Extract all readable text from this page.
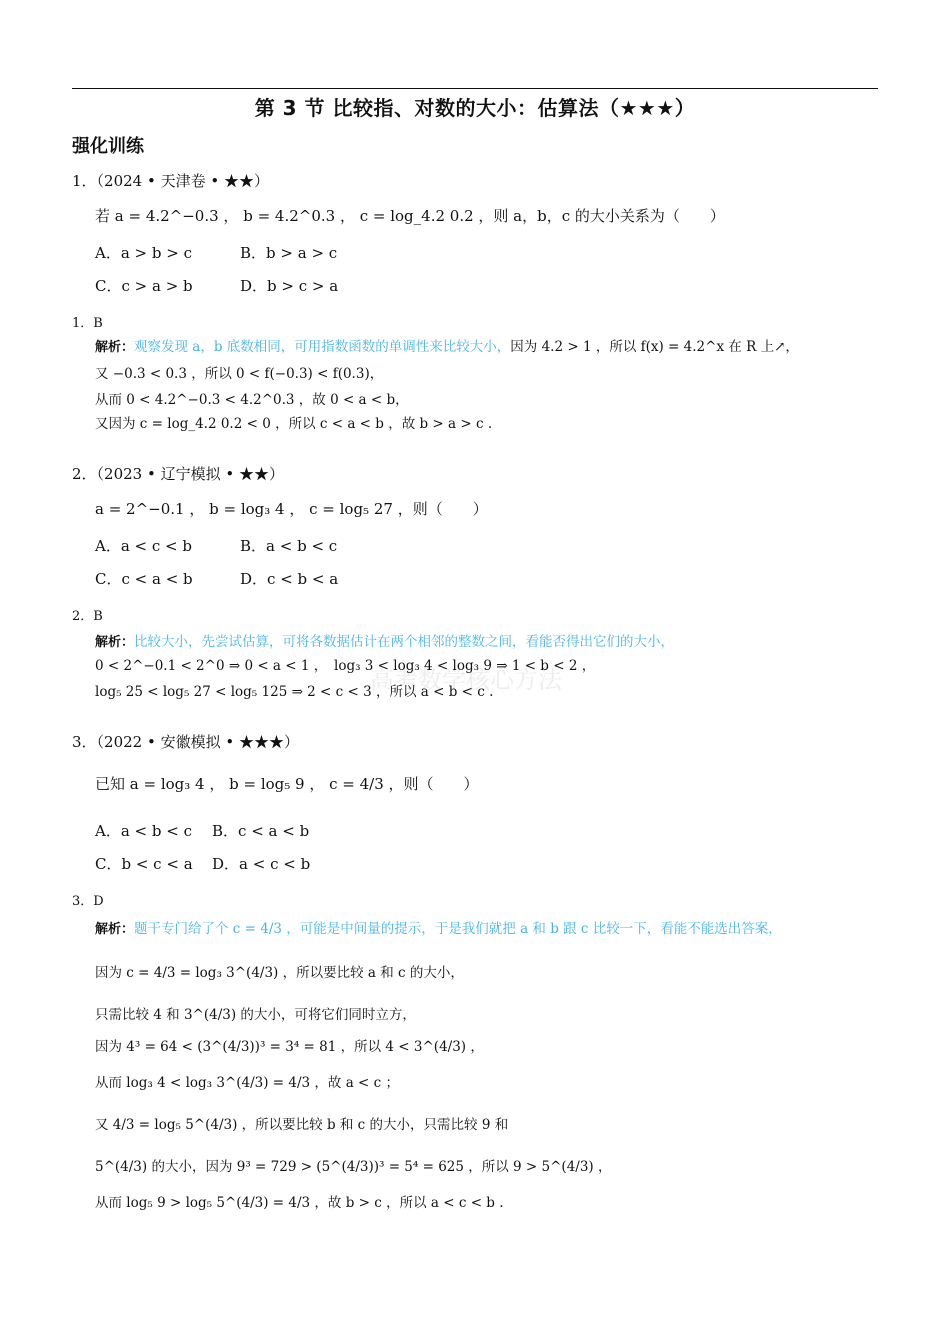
第 3 节 比较指、对数的大小：估算法（★★★）
强化训练
高考数学核心方法
1．（2024 • 天津卷 • ★★）
若 a = 4.2^−0.3 ， b = 4.2^0.3 ， c = log_4.2 0.2 ，则 a，b，c 的大小关系为（　　）
A．a > b > c	B．b > a > c
C．c > a > b	D．b > c > a
1．B
解析：观察发现 a，b 底数相同，可用指数函数的单调性来比较大小，因为 4.2 > 1 ，所以 f(x) = 4.2^x 在 R 上↗，
又 −0.3 < 0.3 ，所以 0 < f(−0.3) < f(0.3)，
从而 0 < 4.2^−0.3 < 4.2^0.3 ，故 0 < a < b，
又因为 c = log_4.2 0.2 < 0 ，所以 c < a < b ，故 b > a > c .
2．（2023 • 辽宁模拟 • ★★）
a = 2^−0.1 ， b = log₃ 4 ， c = log₅ 27 ，则（　　）
A．a < c < b	B．a < b < c
C．c < a < b	D．c < b < a
2．B
解析：比较大小，先尝试估算，可将各数据估计在两个相邻的整数之间，看能否得出它们的大小，
0 < 2^−0.1 < 2^0 ⇒ 0 < a < 1 ，　log₃ 3 < log₃ 4 < log₃ 9 ⇒ 1 < b < 2 ，
log₅ 25 < log₅ 27 < log₅ 125 ⇒ 2 < c < 3 ，所以 a < b < c .
3．（2022 • 安徽模拟 • ★★★）
已知 a = log₃ 4 ， b = log₅ 9 ， c = 4/3 ，则（　　）
A．a < b < c B．c < a < b
C．b < c < a D．a < c < b
3．D
解析：题干专门给了个 c = 4/3 ，可能是中间量的提示，于是我们就把 a 和 b 跟 c 比较一下，看能不能选出答案，
因为 c = 4/3 = log₃ 3^(4/3) ，所以要比较 a 和 c 的大小，
只需比较 4 和 3^(4/3) 的大小，可将它们同时立方，
因为 4³ = 64 < (3^(4/3))³ = 3⁴ = 81 ，所以 4 < 3^(4/3) ，
从而 log₃ 4 < log₃ 3^(4/3) = 4/3 ，故 a < c ；
又 4/3 = log₅ 5^(4/3) ，所以要比较 b 和 c 的大小，只需比较 9 和
5^(4/3) 的大小，因为 9³ = 729 > (5^(4/3))³ = 5⁴ = 625 ，所以 9 > 5^(4/3) ，
从而 log₅ 9 > log₅ 5^(4/3) = 4/3 ，故 b > c ，所以 a < c < b .
